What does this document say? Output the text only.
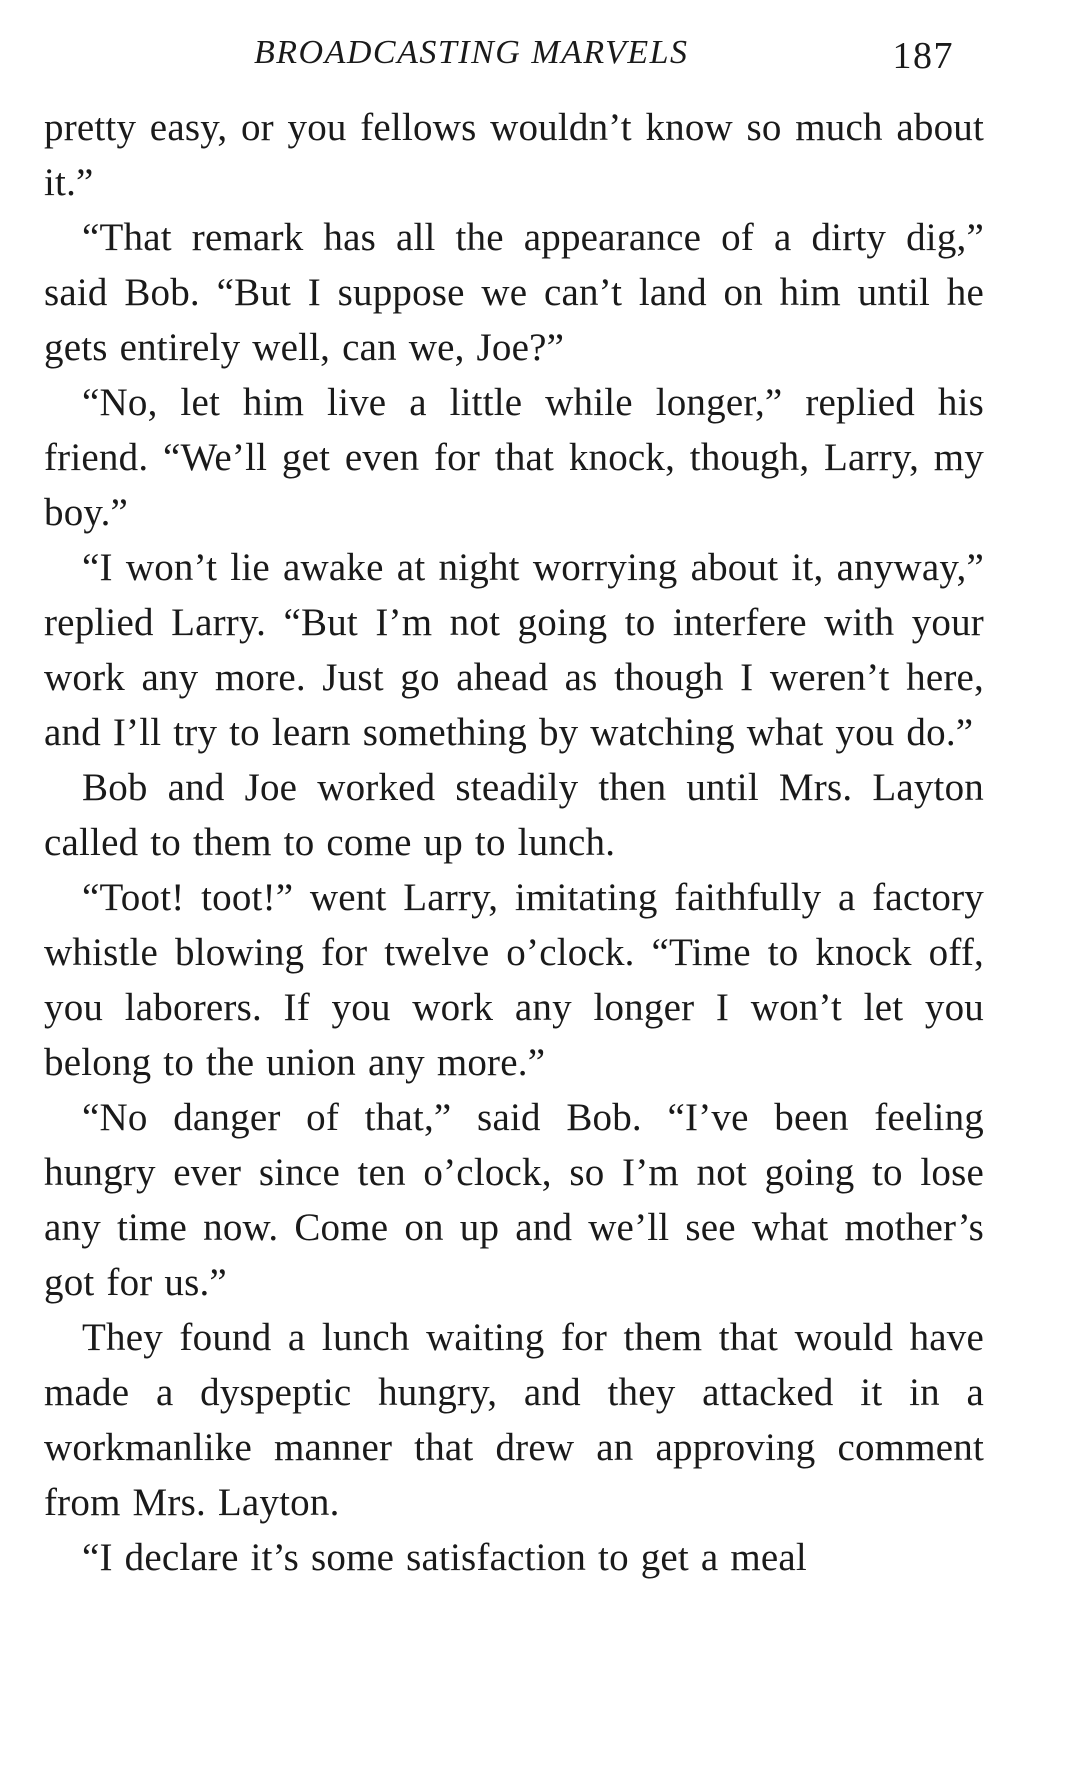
BROADCASTING MARVELS	187

pretty easy, or you fellows wouldn’t know so much about it.”

“That remark has all the appearance of a dirty dig,” said Bob. “But I suppose we can’t land on him until he gets entirely well, can we, Joe?”

“No, let him live a little while longer,” replied his friend. “We’ll get even for that knock, though, Larry, my boy.”

“I won’t lie awake at night worrying about it, anyway,” replied Larry. “But I’m not going to interfere with your work any more. Just go ahead as though I weren’t here, and I’ll try to learn something by watching what you do.”

Bob and Joe worked steadily then until Mrs. Layton called to them to come up to lunch.

“Toot! toot!” went Larry, imitating faithfully a factory whistle blowing for twelve o’clock. “Time to knock off, you laborers. If you work any longer I won’t let you belong to the union any more.”

“No danger of that,” said Bob. “I’ve been feeling hungry ever since ten o’clock, so I’m not going to lose any time now. Come on up and we’ll see what mother’s got for us.”

They found a lunch waiting for them that would have made a dyspeptic hungry, and they attacked it in a workmanlike manner that drew an approving comment from Mrs. Layton.

“I declare it’s some satisfaction to get a meal
